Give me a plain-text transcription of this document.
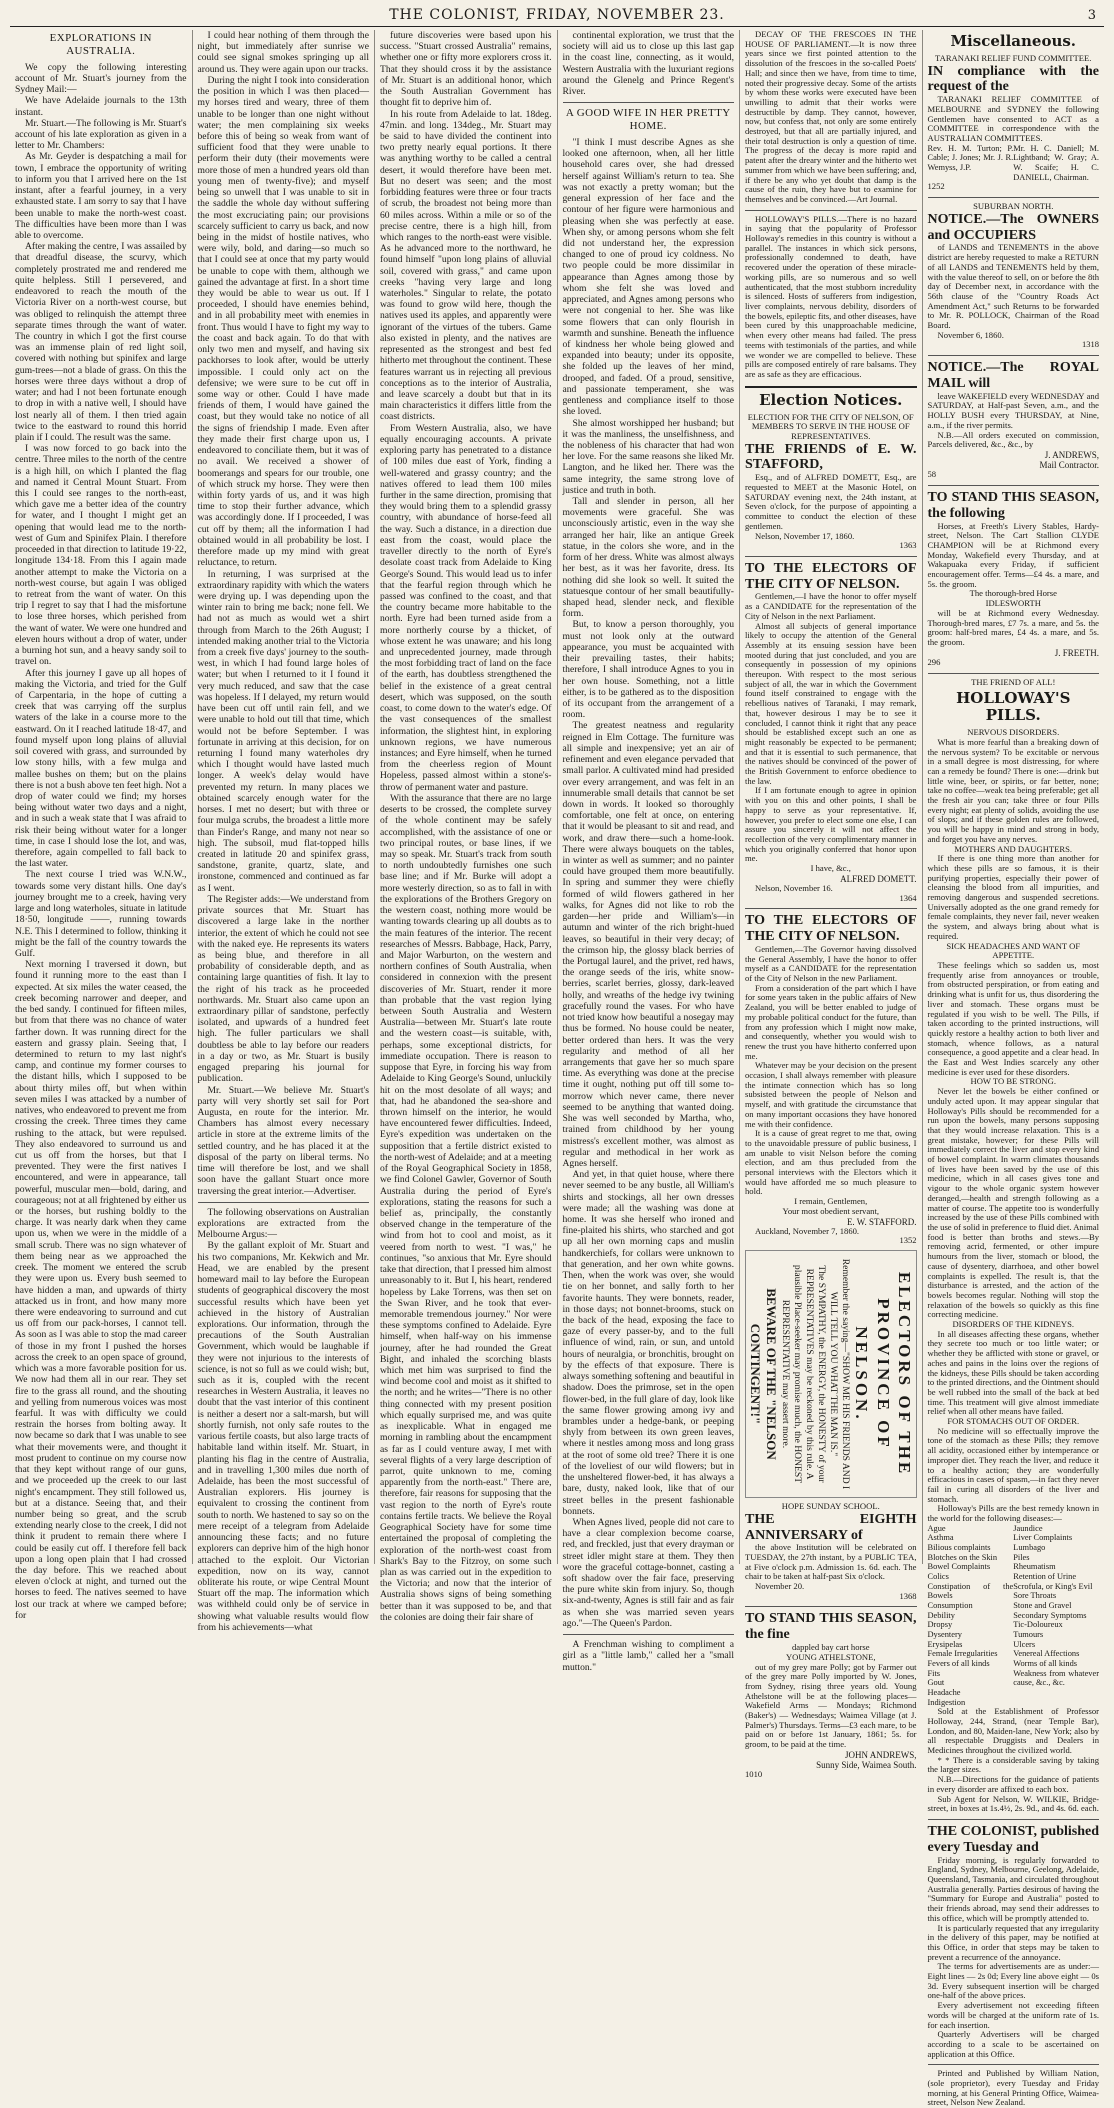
THE COLONIST, FRIDAY, NOVEMBER 23.	3
EXPLORATIONS IN AUSTRALIA.

We copy the following interesting account of Mr. Stuart's journey from the Sydney Mail:—

We have Adelaide journals to the 13th instant.

Mr. Stuart.—The following is Mr. Stuart's account of his late exploration as given in a letter to Mr. Chambers:

As Mr. Geyder is despatching a mail for town, I embrace the opportunity of writing to inform you that I arrived here on the 1st instant, after a fearful journey, in a very exhausted state. I am sorry to say that I have been unable to make the north-west coast. The difficulties have been more than I was able to overcome.

After making the centre, I was assailed by that dreadful disease, the scurvy, which completely prostrated me and rendered me quite helpless. Still I persevered, and endeavored to reach the mouth of the Victoria River on a north-west course, but was obliged to relinquish the attempt three separate times through the want of water. The country in which I got the first course was an immense plain of red light soil, covered with nothing but spinifex and large gum-trees—not a blade of grass. On this the horses were three days without a drop of water; and had I not been fortunate enough to drop in with a native well, I should have lost nearly all of them. I then tried again twice to the eastward to round this horrid plain if I could. The result was the same.

I was now forced to go back into the centre. Three miles to the north of the centre is a high hill, on which I planted the flag and named it Central Mount Stuart. From this I could see ranges to the north-east, which gave me a better idea of the country for water, and I thought I might get an opening that would lead me to the north-west of Gum and Spinifex Plain. I therefore proceeded in that direction to latitude 19·22, longitude 134·18. From this I again made another attempt to make the Victoria on a north-west course, but again I was obliged to retreat from the want of water. On this trip I regret to say that I had the misfortune to lose three horses, which perished from the want of water. We were one hundred and eleven hours without a drop of water, under a burning hot sun, and a heavy sandy soil to travel on.

After this journey I gave up all hopes of making the Victoria, and tried for the Gulf of Carpentaria, in the hope of cutting a creek that was carrying off the surplus waters of the lake in a course more to the eastward. On it I reached latitude 18·47, and found myself upon long plains of alluvial soil covered with grass, and surrounded by low stony hills, with a few mulga and mallee bushes on them; but on the plains there is not a bush above ten feet high. Not a drop of water could we find; my horses being without water two days and a night, and in such a weak state that I was afraid to risk their being without water for a longer time, in case I should lose the lot, and was, therefore, again compelled to fall back to the last water.

The next course I tried was W.N.W., towards some very distant hills. One day's journey brought me to a creek, having very large and long waterholes, situate in latitude 18·50, longitude ——, running towards N.E. This I determined to follow, thinking it might be the fall of the country towards the Gulf.

Next morning I traversed it down, but found it running more to the east than I expected. At six miles the water ceased, the creek becoming narrower and deeper, and the bed sandy. I continued for fifteen miles, but from that there was no chance of water farther down. It was running direct for the eastern and grassy plain. Seeing that, I determined to return to my last night's camp, and continue my former courses to the distant hills, which I supposed to be about thirty miles off, but when within seven miles I was attacked by a number of natives, who endeavored to prevent me from crossing the creek. Three times they came rushing to the attack, but were repulsed. They also endeavored to surround us and cut us off from the horses, but that I prevented. They were the first natives I encountered, and were in appearance, tall powerful, muscular men—bold, daring, and courageous; not at all frightened by either us or the horses, but rushing boldly to the charge. It was nearly dark when they came upon us, when we were in the middle of a small scrub. There was no sign whatever of them being near as we approached the creek. The moment we entered the scrub they were upon us. Every bush seemed to have hidden a man, and upwards of thirty attacked us in front, and how many more there were endeavoring to surround and cut us off from our pack-horses, I cannot tell. As soon as I was able to stop the mad career of those in my front I pushed the horses across the creek to an open space of ground, which was a more favorable position for us. We now had them all in our rear. They set fire to the grass all round, and the shouting and yelling from numerous voices was most fearful. It was with difficulty we could restrain the horses from bolting away. It now became so dark that I was unable to see what their movements were, and thought it most prudent to continue on my course now that they kept without range of our guns, and we proceeded up the creek to our last night's encampment. They still followed us, but at a distance. Seeing that, and their number being so great, and the scrub extending nearly close to the creek, I did not think it prudent to remain there where I could be easily cut off. I therefore fell back upon a long open plain that I had crossed the day before. This we reached about eleven o'clock at night, and turned out the horses to feed. The natives seemed to have lost our track at where we camped before; for

I could hear nothing of them through the night, but immediately after sunrise we could see signal smokes springing up all around us. They were again upon our tracks.

During the night I took into consideration the position in which I was then placed—my horses tired and weary, three of them unable to be longer than one night without water; the men complaining six weeks before this of being so weak from want of sufficient food that they were unable to perform their duty (their movements were more those of men a hundred years old than young men of twenty-five); and myself being so unwell that I was unable to sit in the saddle the whole day without suffering the most excruciating pain; our provisions scarcely sufficient to carry us back, and now being in the midst of hostile natives, who were wily, bold, and daring—so much so that I could see at once that my party would be unable to cope with them, although we gained the advantage at first. In a short time they would be able to wear us out. If I proceeded, I should have enemies behind, and in all probability meet with enemies in front. Thus would I have to fight my way to the coast and back again. To do that with only two men and myself, and having six packhorses to look after, would be utterly impossible. I could only act on the defensive; we were sure to be cut off in some way or other. Could I have made friends of them, I would have gained the coast, but they would take no notice of all the signs of friendship I made. Even after they made their first charge upon us, I endeavored to conciliate them, but it was of no avail. We received a shower of boomerangs and spears for our trouble, one of which struck my horse. They were then within forty yards of us, and it was high time to stop their further advance, which was accordingly done. If I proceeded, I was cut off by them; all the information I had obtained would in all probability be lost. I therefore made up my mind with great reluctance, to return.

In returning, I was surprised at the extraordinary rapidity with which the waters were drying up. I was depending upon the winter rain to bring me back; none fell. We had not as much as would wet a shirt through from March to the 26th August; I intended making another trial to the Victoria from a creek five days' journey to the south-west, in which I had found large holes of water; but when I returned to it I found it very much reduced, and saw that the case was hopeless. If I delayed, my return would have been cut off until rain fell, and we were unable to hold out till that time, which would not be before September. I was fortunate in arriving at this decision, for on returning I found many waterholes dry which I thought would have lasted much longer. A week's delay would have prevented my return. In many places we obtained scarcely enough water for the horses. I met no desert; but with three or four mulga scrubs, the broadest a little more than Finder's Range, and many not near so high. The subsoil, mud flat-topped hills created in latitude 20 and spinifex grass, sandstone, granite, quartz, slate, and ironstone, commenced and continued as far as I went.

The Register adds:—We understand from private sources that Mr. Stuart has discovered a large lake in the norther interior, the extent of which he could not see with the naked eye. He represents its waters as being blue, and therefore in all probability of considerable depth, and as containing large quantities of fish. It lay to the right of his track as he proceeded northwards. Mr. Stuart also came upon an extraordinary pillar of sandstone, perfectly isolated, and upwards of a hundred feet high. The fuller particulars we shall doubtless be able to lay before our readers in a day or two, as Mr. Stuart is busily engaged preparing his journal for publication.

Mr. Stuart.—We believe Mr. Stuart's party will very shortly set sail for Port Augusta, en route for the interior. Mr. Chambers has almost every necessary article in store at the extreme limits of the settled country, and he has placed it at the disposal of the party on liberal terms. No time will therefore be lost, and we shall soon have the gallant Stuart once more traversing the great interior.—Advertiser.

The following observations on Australian explorations are extracted from the Melbourne Argus:—

By the gallant exploit of Mr. Stuart and his two companions, Mr. Kekwich and Mr. Head, we are enabled by the present homeward mail to lay before the European students of geographical discovery the most successful results which have been yet achieved in the history of Australian explorations. Our information, through the precautions of the South Australian Government, which would be laughable if they were not injurious to the interests of science, is not so full as we could wish; but, such as it is, coupled with the recent researches in Western Australia, it leaves no doubt that the vast interior of this continent is neither a desert nor a salt-marsh, but will shortly furnish, not only safe routes to the various fertile coasts, but also large tracts of habitable land within itself. Mr. Stuart, in planting his flag in the centre of Australia, and in travelling 1,300 miles due north of Adelaide, has been the most successful of Australian explorers. His journey is equivalent to crossing the continent from south to north. We hastened to say so on the mere receipt of a telegram from Adelaide announcing these facts; and no future explorers can deprive him of the high honor attached to the exploit. Our Victorian expedition, now on its way, cannot obliterate his route, or wipe Central Mount Stuart off the map. The information which was withheld could only be of service in showing what valuable results would flow from his achievements—what

future discoveries were based upon his success. "Stuart crossed Australia" remains, whether one or fifty more explorers cross it. That they should cross it by the assistance of Mr. Stuart is an additional honor, which the South Australian Government has thought fit to deprive him of.

In his route from Adelaide to lat. 18deg. 47min. and long. 134deg., Mr. Stuart may be said to have divided the continent into two pretty nearly equal portions. It there was anything worthy to be called a central desert, it would therefore have been met. But no desert was seen; and the most forbidding features were three or four tracts of scrub, the broadest not being more than 60 miles across. Within a mile or so of the precise centre, there is a high hill, from which ranges to the north-east were visible. As he advanced more to the northward, he found himself "upon long plains of alluvial soil, covered with grass," and came upon creeks "having very large and long waterholes." Singular to relate, the potato was found to grow wild here, though the natives used its apples, and apparently were ignorant of the virtues of the tubers. Game also existed in plenty, and the natives are represented as the strongest and best fed hitherto met throughout the continent. These features warrant us in rejecting all previous conceptions as to the interior of Australia, and leave scarcely a doubt but that in its main characteristics it differs little from the coast districts.

From Western Australia, also, we have equally encouraging accounts. A private exploring party has penetrated to a distance of 100 miles due east of York, finding a well-watered and grassy country; and the natives offered to lead them 100 miles further in the same direction, promising that they would bring them to a splendid grassy country, with abundance of horse-feed all the way. Such a distance, in a direction due east from the coast, would place the traveller directly to the north of Eyre's desolate coast track from Adelaide to King George's Sound. This would lead us to infer that the fearful region through which he passed was confined to the coast, and that the country became more habitable to the north. Eyre had been turned aside from a more northerly course by a thicket, of whose extent he was unaware; and his long and unprecedented journey, made through the most forbidding tract of land on the face of the earth, has doubtless strengthened the belief in the existence of a great central desert, which was supposed, on the south coast, to come down to the water's edge. Of the vast consequences of the smallest information, the slightest hint, in exploring unknown regions, we have numerous instances; and Eyre himself, when he turned from the cheerless region of Mount Hopeless, passed almost within a stone's-throw of permanent water and pasture.

With the assurance that there are no large deserts to be crossed, the complete survey of the whole continent may be safely accomplished, with the assistance of one or two principal routes, or base lines, if we may so speak. Mr. Stuart's track from south to north undoubtedly furnishes one such base line; and if Mr. Burke will adopt a more westerly direction, so as to fall in with the explorations of the Brothers Gregory on the western coast, nothing more would be wanting towards clearing up all doubts as to the main features of the interior. The recent researches of Messrs. Babbage, Hack, Parry, and Major Warburton, on the western and northern confines of South Australia, when considered in connexion with the present discoveries of Mr. Stuart, render it more than probable that the vast region lying between South Australia and Western Australia—between Mr. Stuart's late route and the western coast—is suitable, with, perhaps, some exceptional districts, for immediate occupation. There is reason to suppose that Eyre, in forcing his way from Adelaide to King George's Sound, unluckily hit on the most desolate of all ways; and that, had he abandoned the sea-shore and thrown himself on the interior, he would have encountered fewer difficulties. Indeed, Eyre's expedition was undertaken on the supposition that a fertile district existed to the north-west of Adelaide; and at a meeting of the Royal Geographical Society in 1858, we find Colonel Gawler, Governor of South Australia during the period of Eyre's explorations, stating the reasons for such a belief as, principally, the constantly observed change in the temperature of the wind from hot to cool and moist, as it veered from north to west. "I was," he continues, "so anxious that Mr. Eyre should take that direction, that I pressed him almost unreasonably to it. But I, his heart, rendered hopeless by Lake Torrens, was then set on the Swan River, and he took that ever-memorable tremendous journey." Nor were these symptoms confined to Adelaide. Eyre himself, when half-way on his immense journey, after he had rounded the Great Bight, and inhaled the scorching blasts which met him was surprised to find the wind become cool and moist as it shifted to the north; and he writes—"There is no other thing connected with my present position which equally surprised me, and was quite as inexplicable. What in engaged me morning in rambling about the encampment as far as I could venture away, I met with several flights of a very large description of parrot, quite unknown to me, coming apparently from the north-east." There are, therefore, fair reasons for supposing that the vast region to the north of Eyre's route contains fertile tracts. We believe the Royal Geographical Society have for some time entertained the proposal of completing the exploration of the north-west coast from Shark's Bay to the Fitzroy, on some such plan as was carried out in the expedition to the Victoria; and now that the interior of Australia shows signs of being something better than it was supposed to be, and that the colonies are doing their fair share of

continental exploration, we trust that the society will aid us to close up this last gap in the coast line, connecting, as it would, Western Australia with the luxuriant regions around the Glenelg and Prince Regent's River.

A GOOD WIFE IN HER PRETTY HOME.

"I think I must describe Agnes as she looked one afternoon, when, all her little household cares over, she had dressed herself against William's return to tea. She was not exactly a pretty woman; but the general expression of her face and the contour of her figure were harmonious and pleasing when she was perfectly at ease. When shy, or among persons whom she felt did not understand her, the expression changed to one of proud icy coldness. No two people could be more dissimilar in appearance than Agnes among those by whom she felt she was loved and appreciated, and Agnes among persons who were not congenial to her. She was like some flowers that can only flourish in warmth and sunshine. Beneath the influence of kindness her whole being glowed and expanded into beauty; under its opposite, she folded up the leaves of her mind, drooped, and faded. Of a proud, sensitive, and passionate temperament, she was gentleness and compliance itself to those she loved.

She almost worshipped her husband; but it was the manliness, the unselfishness, and the nobleness of his character that had won her love. For the same reasons she liked Mr. Langton, and he liked her. There was the same integrity, the same strong love of justice and truth in both.

Tall and slender in person, all her movements were graceful. She was unconsciously artistic, even in the way she arranged her hair, like an antique Greek statue, in the colors she wore, and in the form of her dress. White was almost always her best, as it was her favorite, dress. Its nothing did she look so well. It suited the statuesque contour of her small beautifully-shaped head, slender neck, and flexible form.

But, to know a person thoroughly, you must not look only at the outward appearance, you must be acquainted with their prevailing tastes, their habits; therefore, I shall introduce Agnes to you in her own house. Something, not a little either, is to be gathered as to the disposition of its occupant from the arrangement of a room.

The greatest neatness and regularity reigned in Elm Cottage. The furniture was all simple and inexpensive; yet an air of refinement and even elegance pervaded that small parlor. A cultivated mind had presided over every arrangement, and was felt in an innumerable small details that cannot be set down in words. It looked so thoroughly comfortable, one felt at once, on entering that it would be pleasant to sit and read, and work, and draw there—such a home-look. There were always bouquets on the tables, in winter as well as summer; and no painter could have grouped them more beautifully. In spring and summer they were chiefly formed of wild flowers gathered in her walks, for Agnes did not like to rob the garden—her pride and William's—in autumn and winter of the rich bright-hued leaves, so beautiful in their very decay; of the crimson hip, the glossy black berries of the Portugal laurel, and the privet, red haws, the orange seeds of the iris, white snow-berries, scarlet berries, glossy, dark-leaved holly, and wreaths of the hedge ivy twining gracefully round the vases. For who have not tried know how beautiful a nosegay may thus be formed. No house could be neater, better ordered than hers. It was the very regularity and method of all her arrangements that gave her so much spare time. As everything was done at the precise time it ought, nothing put off till some to-morrow which never came, there never seemed to be anything that wanted doing. She was well seconded by Martha, who, trained from childhood by her young mistress's excellent mother, was almost as regular and methodical in her work as Agnes herself.

And yet, in that quiet house, where there never seemed to be any bustle, all William's shirts and stockings, all her own dresses were made; all the washing was done at home. It was she herself who ironed and fine-plaited his shirts, who starched and got up all her own morning caps and muslin handkerchiefs, for collars were unknown to that generation, and her own white gowns. Then, when the work was over, she would tie on her bonnet, and sally forth to her favorite haunts. They were bonnets, reader, in those days; not bonnet-brooms, stuck on the back of the head, exposing the face to gaze of every passer-by, and to the full influence of wind, rain, or sun, and untold hours of neuralgia, or bronchitis, brought on by the effects of that exposure. There is always something softening and beautiful in shadow. Does the primrose, set in the open flower-bed, in the full glare of day, look like the same flower growing among ivy and brambles under a hedge-bank, or peeping shyly from between its own green leaves, where it nestles among moss and long grass at the root of some old tree? There it is one of the loveliest of our wild flowers; but in the unsheltered flower-bed, it has always a bare, dusty, naked look, like that of our street belles in the present fashionable bonnets.

When Agnes lived, people did not care to have a clear complexion become coarse, red, and freckled, just that every drayman or street idler might stare at them. They then wore the graceful cottage-bonnet, casting a soft shadow over the fair face, preserving the pure white skin from injury. So, though six-and-twenty, Agnes is still fair and as fair as when she was married seven years ago."—The Queen's Pardon.

A Frenchman wishing to compliment a girl as a "little lamb," called her a "small mutton."

DECAY OF THE FRESCOES IN THE HOUSE OF PARLIAMENT.—It is now three years since we first pointed attention to the dissolution of the frescoes in the so-called Poets' Hall; and since then we have, from time to time, noted their progressive decay. Some of the artists by whom these works were executed have been unwilling to admit that their works were destructible by damp. They cannot, however, now, but confess that, not only are some entirely destroyed, but that all are partially injured, and their total destruction is only a question of time. The progress of the decay is more rapid and patent after the dreary winter and the hitherto wet summer from which we have been suffering; and, if there be any who yet doubt that damp is the cause of the ruin, they have but to examine for themselves and be convinced.—Art Journal.

HOLLOWAY'S PILLS.—There is no hazard in saying that the popularity of Professor Holloway's remedies in this country is without a parallel. The instances in which sick persons, professionally condemned to death, have recovered under the operation of these miracle-working pills, are so numerous and so well authenticated, that the most stubborn incredulity is silenced. Hosts of sufferers from indigestion, liver complaints, nervous debility, disorders of the bowels, epileptic fits, and other diseases, have been cured by this unapproachable medicine, when every other means had failed. The press teems with testimonials of the parties, and while we wonder we are compelled to believe. These pills are composed entirely of rare balsams. They are as safe as they are efficacious.

Election Notices.
ELECTION FOR THE CITY OF NELSON, OF MEMBERS TO SERVE IN THE HOUSE OF REPRESENTATIVES.

THE FRIENDS of E. W. STAFFORD,

Esq., and of ALFRED DOMETT, Esq., are requested to MEET at the Masonic Hotel, on SATURDAY evening next, the 24th instant, at Seven o'clock, for the purpose of appointing a committee to conduct the election of these gentlemen.

Nelson, November 17, 1860.

1363

TO THE ELECTORS OF THE CITY OF NELSON.

Gentlemen,—I have the honor to offer myself as a CANDIDATE for the representation of the City of Nelson in the next Parliament.

Almost all subjects of general importance likely to occupy the attention of the General Assembly at its ensuing session have been mooted during that just concluded, and you are consequently in possession of my opinions thereupon. With respect to the most serious subject of all, the war in which the Government found itself constrained to engage with the rebellious natives of Taranaki, I may remark, that, however desirous I may be to see it concluded, I cannot think it right that any peace should be established except such an one as might reasonably be expected to be permanent; and that it is essential to such permanence, that the natives should be convinced of the power of the British Government to enforce obedience to the law.

If I am fortunate enough to agree in opinion with you on this and other points, I shall be happy to serve as your representative. If, however, you prefer to elect some one else, I can assure you sincerely it will not affect the recollection of the very complimentary manner in which you originally conferred that honor upon me.

I have, &c.,
ALFRED DOMETT.

Nelson, November 16.

1364

TO THE ELECTORS OF THE CITY OF NELSON.

Gentlemen,—The Governor having dissolved the General Assembly, I have the honor to offer myself as a CANDIDATE for the representation of the City of Nelson in the new Parliament.

From a consideration of the part which I have for some years taken in the public affairs of New Zealand, you will be better enabled to judge of my probable political conduct for the future, than from any profession which I might now make, and consequently, whether you would wish to renew the trust you have hitherto conferred upon me.

Whatever may be your decision on the present occasion, I shall always remember with pleasure the intimate connection which has so long subsisted between the people of Nelson and myself, and with gratitude the circumstance that on many important occasions they have honored me with their confidence.

It is a cause of great regret to me that, owing to the unavoidable pressure of public business, I am unable to visit Nelson before the coming election, and am thus precluded from the personal interviews with the Electors which it would have afforded me so much pleasure to hold.

I remain, Gentlemen,
Your most obedient servant,
E. W. STAFFORD.

Auckland, November 7, 1860.

1352
ELECTORS OF THE PROVINCE OF NELSON.
Remember the saying—"SHOW ME HIS FRIENDS AND I WILL TELL YOU WHAT THE MAN IS."
The SYMPATHY, the ENERGY, the HONESTY of your REPRESENTATIVES may be reckoned by this rule. A plausible Place-seeker may promise much, the HONEST REPRESENTATIVE may assert more.
BEWARE OF THE "NELSON CONTINGENT!"
HOPE SUNDAY SCHOOL.

THE EIGHTH ANNIVERSARY of

the above Institution will be celebrated on TUESDAY, the 27th instant, by a PUBLIC TEA, at Five o'clock p.m. Admission 1s. 6d. each. The chair to be taken at half-past Six o'clock.

November 20.

1368

TO STAND THIS SEASON, the fine

dappled bay cart horse
YOUNG ATHELSTONE,

out of my grey mare Polly; got by Farmer out of the grey mare Polly imported by W. Jones, from Sydney, rising three years old. Young Athelstone will be at the following places—Wakefield Arms — Mondays; Richmond (Baker's) — Wednesdays; Waimea Village (at J. Palmer's) Thursdays. Terms—£3 each mare, to be paid on or before 1st January, 1861; 5s. for groom, to be paid at the time.

JOHN ANDREWS,
Sunny Side, Waimea South.
1010
Miscellaneous.
TARANAKI RELIEF FUND COMMITTEE.

IN compliance with the request of the

TARANAKI RELIEF COMMITTEE of MELBOURNE and SYDNEY the following Gentlemen have consented to ACT as a COMMITTEE in correspondence with the AUSTRALIAN COMMITTEES.

Rev. H. M. Turton; P. Cable; J. Jones; Mr. J. R. Wemyss, J.P.
Mr. H. C. Daniell; M. Lightband; W. Gray; A. W. Scaife; H. C. DANIELL, Chairman.
1252
SUBURBAN NORTH.

NOTICE.—The OWNERS and OCCUPIERS

of LANDS and TENEMENTS in the above district are hereby requested to make a RETURN of all LANDS and TENEMENTS held by them, with the value thereof to sell, on or before the 8th day of December next, in accordance with the 56th clause of the "Country Roads Act Amendment Act," such Returns to be forwarded to Mr. R. POLLOCK, Chairman of the Road Board.

November 6, 1860.

1318

NOTICE.—The ROYAL MAIL will

leave WAKEFIELD every WEDNESDAY and SATURDAY, at Half-past Seven, a.m., and the HOLLY BUSH every THURSDAY, at Nine, a.m., if the river permits.

N.B.—All orders executed on commission, Parcels delivered, &c., &c., by

J. ANDREWS,
Mail Contractor.
58

TO STAND THIS SEASON, the following

Horses, at Freeth's Livery Stables, Hardy-street, Nelson. The Cart Stallion CLYDE CHAMPION will be at Richmond every Monday, Wakefield every Thursday, and at Wakapuaka every Friday, if sufficient encouragement offer. Terms—£4 4s. a mare, and 5s. the groom.

The thorough-bred Horse
IDLESWORTH

will be at Richmond every Wednesday. Thorough-bred mares, £7 7s. a mare, and 5s. the groom: half-bred mares, £4 4s. a mare, and 5s. the groom.

J. FREETH.
296
THE FRIEND OF ALL!
HOLLOWAY'S PILLS.
NERVOUS DISORDERS.

What is more fearful than a breaking down of the nervous system? To be excitable or nervous in a small degree is most distressing, for where can a remedy be found? There is one:—drink but little wine, beer, or spirits, or far better, none; take no coffee—weak tea being preferable; get all the fresh air you can; take three or four Pills every night; eat plenty of solids, avoiding the use of slops; and if these golden rules are followed, you will be happy in mind and strong in body, and forget you have any nerves.

MOTHERS AND DAUGHTERS.

If there is one thing more than another for which these pills are so famous, it is their purifying properties, especially their power of cleansing the blood from all impurities, and removing dangerous and suspended secretions. Universally adopted as the one grand remedy for female complaints, they never fail, never weaken the system, and always bring about what is required.

SICK HEADACHES AND WANT OF APPETITE.

These feelings which so sadden us, most frequently arise from annoyances or trouble, from obstructed perspiration, or from eating and drinking what is unfit for us, thus disordering the liver and stomach. These organs must be regulated if you wish to be well. The Pills, if taken according to the printed instructions, will quickly restore a healthy action to both liver and stomach, whence follows, as a natural consequence, a good appetite and a clear head. In the East and West Indies scarcely any other medicine is ever used for these disorders.

HOW TO BE STRONG.

Never let the bowels be either confined or unduly acted upon. It may appear singular that Holloway's Pills should be recommended for a run upon the bowels, many persons supposing that they would increase relaxation. This is a great mistake, however; for these Pills will immediately correct the liver and stop every kind of bowel complaint. In warm climates thousands of lives have been saved by the use of this medicine, which in all cases gives tone and vigour to the whole organic system however deranged,—health and strength following as a matter of course. The appetite too is wonderfully increased by the use of these Pills combined with the use of solid in preference to fluid diet. Animal food is better than broths and stews.—By removing acrid, fermented, or other impure humours from the liver, stomach or blood, the cause of dysentery, diarrhoea, and other bowel complaints is expelled. The result is, that the disturbance is arrested, and the action of the bowels becomes regular. Nothing will stop the relaxation of the bowels so quickly as this fine correcting medicine.

DISORDERS OF THE KIDNEYS.

In all diseases affecting these organs, whether they secrete too much or too little water; or whether they be afflicted with stone or gravel, or aches and pains in the loins over the regions of the kidneys, these Pills should be taken according to the printed directions, and the Ointment should be well rubbed into the small of the back at bed time. This treatment will give almost immediate relief when all other means have failed.

FOR STOMACHS OUT OF ORDER.

No medicine will so effectually improve the tone of the stomach as these Pills; they remove all acidity, occasioned either by intemperance or improper diet. They reach the liver, and reduce it to a healthy action; they are wonderfully efficacious in cases of spasm,—in fact they never fail in curing all disorders of the liver and stomach.

Holloway's Pills are the best remedy known in the world for the following diseases:—

Ague
Asthma
Bilious complaints
Blotches on the Skin
Bowel Complaints
Colics
Constipation of the Bowels
Consumption
Debility
Dropsy
Dysentery
Erysipelas
Female Irregularities
Fevers of all kinds
Fits
Gout
Headache
Indigestion
Jaundice
Liver Complaints
Lumbago
Piles
Rheumatism
Retention of Urine
Scrofula, or King's Evil
Sore Throats
Stone and Gravel
Secondary Symptoms
Tic-Doloureux
Tumours
Ulcers
Venereal Affections
Worms of all kinds
Weakness from whatever cause, &c., &c.

Sold at the Establishment of Professor Holloway, 244, Strand, (near Temple Bar), London, and 80, Maiden-lane, New York; also by all respectable Druggists and Dealers in Medicines throughout the civilized world.

* * There is a considerable saving by taking the larger sizes.

N.B.—Directions for the guidance of patients in every disorder are affixed to each box.

Sub Agent for Nelson, W. WILKIE, Bridge-street, in boxes at 1s.4½, 2s. 9d., and 4s. 6d. each.

THE COLONIST, published every Tuesday and

Friday morning, is regularly forwarded to England, Sydney, Melbourne, Geelong, Adelaide, Queensland, Tasmania, and circulated throughout Australia generally. Parties desirous of having the "Summary for Europe and Australia" posted to their friends abroad, may send their addresses to this office, which will be promptly attended to.

It is particularly requested that any irregularity in the delivery of this paper, may be notified at this Office, in order that steps may be taken to prevent a recurrence of the annoyance.

The terms for advertisements are as under:— Eight lines — 2s 0d; Every line above eight — 0s 3d. Every subsequent insertion will be charged one-half of the above prices.

Every advertisement not exceeding fifteen words will be charged at the uniform rate of 1s. for each insertion.

Quarterly Advertisers will be charged according to a scale to be ascertained on application at this Office.

Printed and Published by William Nation, (sole proprietor), every Tuesday and Friday morning, at his General Printing Office, Waimea-street, Nelson New Zealand.
